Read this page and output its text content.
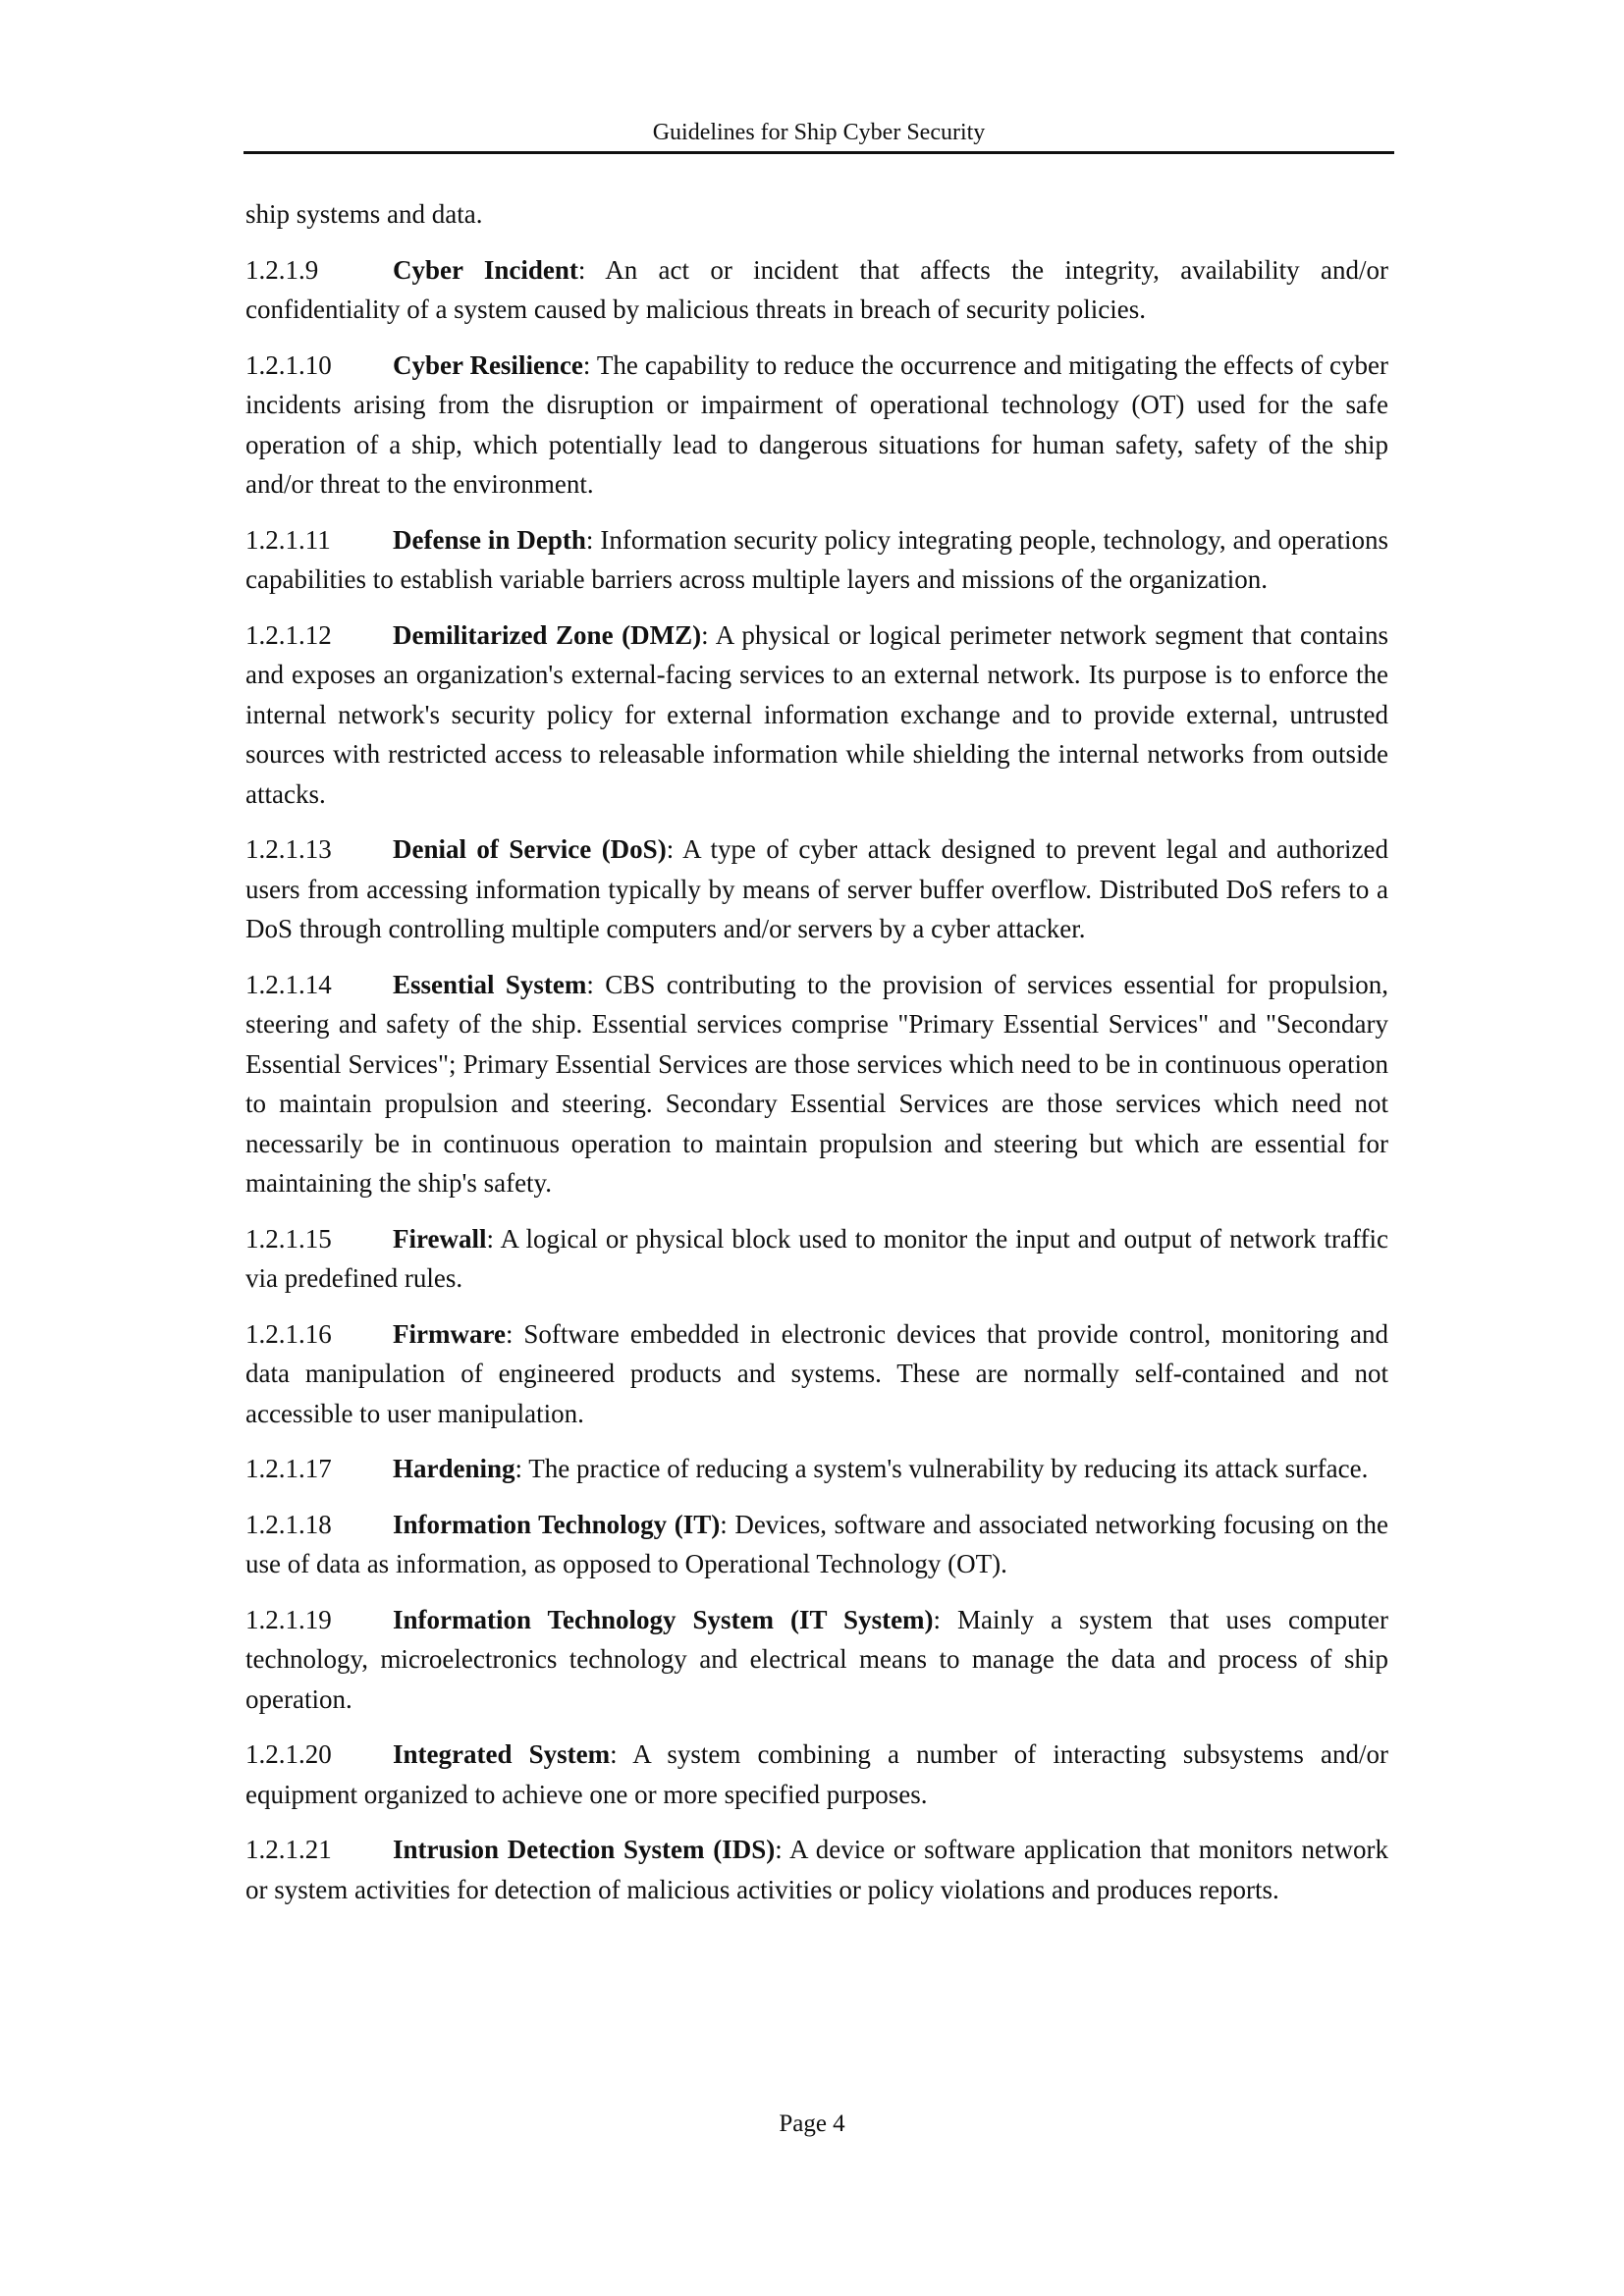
Guidelines for Ship Cyber Security

ship systems and data.

1.2.1.9	Cyber Incident: An act or incident that affects the integrity, availability and/or confidentiality of a system caused by malicious threats in breach of security policies.

1.2.1.10 Cyber Resilience: The capability to reduce the occurrence and mitigating the effects of cyber incidents arising from the disruption or impairment of operational technology (OT) used for the safe operation of a ship, which potentially lead to dangerous situations for human safety, safety of the ship and/or threat to the environment.

1.2.1.11 Defense in Depth: Information security policy integrating people, technology, and operations capabilities to establish variable barriers across multiple layers and missions of the organization.

1.2.1.12 Demilitarized Zone (DMZ): A physical or logical perimeter network segment that contains and exposes an organization's external-facing services to an external network. Its purpose is to enforce the internal network's security policy for external information exchange and to provide external, untrusted sources with restricted access to releasable information while shielding the internal networks from outside attacks.

1.2.1.13 Denial of Service (DoS): A type of cyber attack designed to prevent legal and authorized users from accessing information typically by means of server buffer overflow. Distributed DoS refers to a DoS through controlling multiple computers and/or servers by a cyber attacker.

1.2.1.14 Essential System: CBS contributing to the provision of services essential for propulsion, steering and safety of the ship. Essential services comprise "Primary Essential Services" and "Secondary Essential Services"; Primary Essential Services are those services which need to be in continuous operation to maintain propulsion and steering. Secondary Essential Services are those services which need not necessarily be in continuous operation to maintain propulsion and steering but which are essential for maintaining the ship's safety.

1.2.1.15 Firewall: A logical or physical block used to monitor the input and output of network traffic via predefined rules.

1.2.1.16 Firmware: Software embedded in electronic devices that provide control, monitoring and data manipulation of engineered products and systems. These are normally self-contained and not accessible to user manipulation.

1.2.1.17 Hardening: The practice of reducing a system's vulnerability by reducing its attack surface.

1.2.1.18 Information Technology (IT): Devices, software and associated networking focusing on the use of data as information, as opposed to Operational Technology (OT).

1.2.1.19 Information Technology System (IT System): Mainly a system that uses computer technology, microelectronics technology and electrical means to manage the data and process of ship operation.

1.2.1.20 Integrated System: A system combining a number of interacting subsystems and/or equipment organized to achieve one or more specified purposes.

1.2.1.21 Intrusion Detection System (IDS): A device or software application that monitors network or system activities for detection of malicious activities or policy violations and produces reports.

Page 4
